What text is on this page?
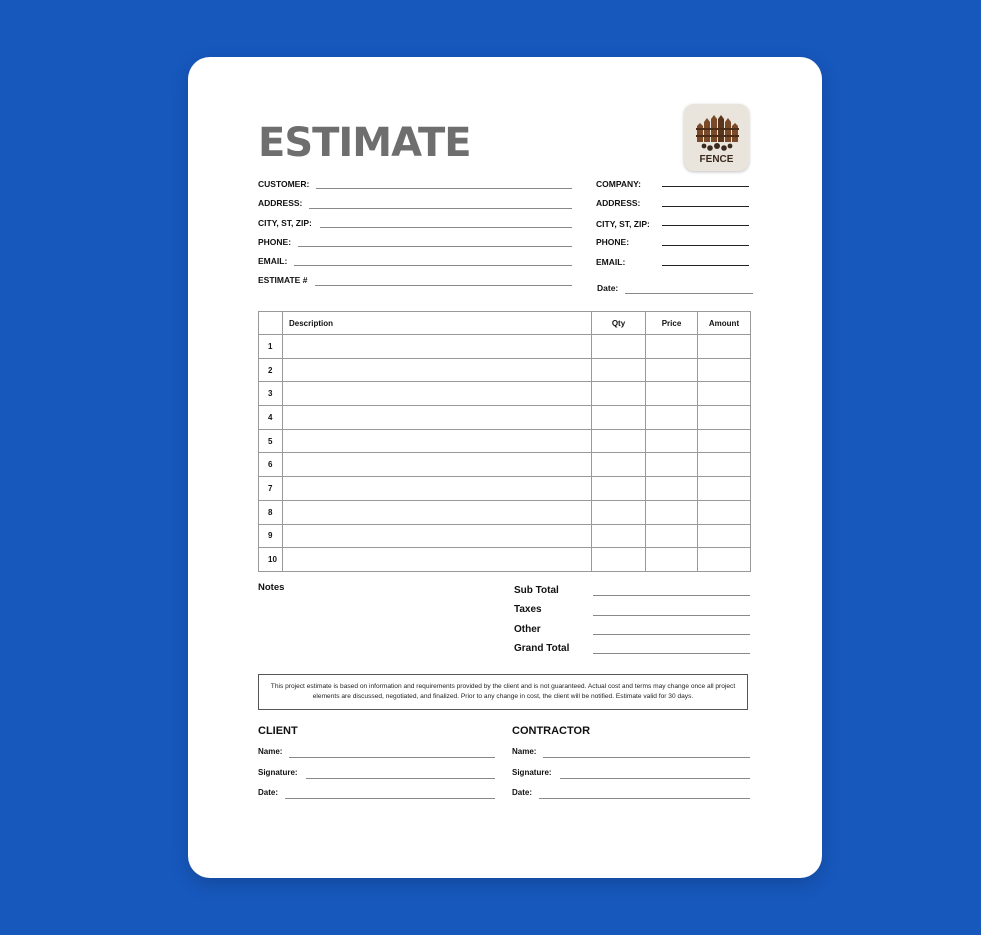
ESTIMATE	FENCE
CUSTOMER:
ADDRESS:
CITY, ST, ZIP:
PHONE:
EMAIL:
ESTIMATE #
COMPANY:
ADDRESS:
CITY, ST, ZIP:
PHONE:
EMAIL:
Date:
	Description	Qty	Price	Amount
1				
2				
3				
4				
5				
6				
7				
8				
9				
10				
Notes	Sub Total
Taxes
Other
Grand Total
This project estimate is based on information and requirements provided by the client and is not guaranteed. Actual cost and terms may change once all project elements are discussed, negotiated, and finalized. Prior to any change in cost, the client will be notified. Estimate valid for 30 days.
CLIENT
Name:
Signature:
Date:
CONTRACTOR
Name:
Signature:
Date:
